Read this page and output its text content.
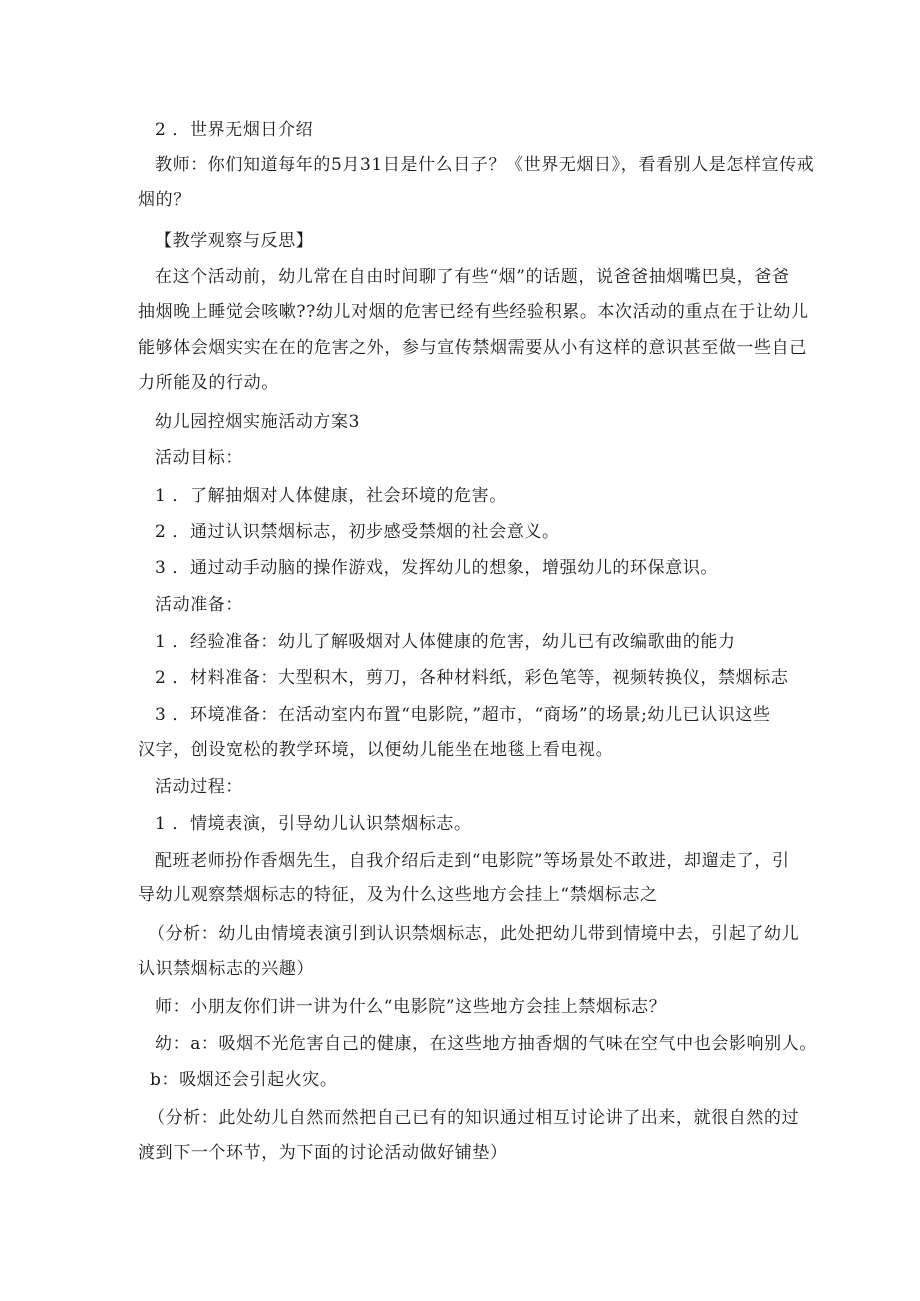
2 ．世界无烟日介绍
教师：你们知道每年的5月31日是什么日子？《世界无烟日》，看看别人是怎样宣传戒
烟的？
【教学观察与反思】
在这个活动前，幼儿常在自由时间聊了有些“烟”的话题，说爸爸抽烟嘴巴臭，爸爸
抽烟晚上睡觉会咳嗽??幼儿对烟的危害已经有些经验积累。本次活动的重点在于让幼儿
能够体会烟实实在在的危害之外，参与宣传禁烟需要从小有这样的意识甚至做一些自己
力所能及的行动。
幼儿园控烟实施活动方案3
活动目标：
1 ．了解抽烟对人体健康，社会环境的危害。
2 ．通过认识禁烟标志，初步感受禁烟的社会意义。
3 ．通过动手动脑的操作游戏，发挥幼儿的想象，增强幼儿的环保意识。
活动准备：
1 ．经验准备：幼儿了解吸烟对人体健康的危害，幼儿已有改编歌曲的能力
2 ．材料准备：大型积木，剪刀，各种材料纸，彩色笔等，视频转换仪，禁烟标志
3 ．环境准备：在活动室内布置“电影院，”超市，“商场”的场景;幼儿已认识这些
汉字，创设宽松的教学环境，以便幼儿能坐在地毯上看电视。
活动过程：
1 ．情境表演，引导幼儿认识禁烟标志。
配班老师扮作香烟先生，自我介绍后走到“电影院”等场景处不敢进，却遛走了，引
导幼儿观察禁烟标志的特征，及为什么这些地方会挂上“禁烟标志之
（分析：幼儿由情境表演引到认识禁烟标志，此处把幼儿带到情境中去，引起了幼儿
认识禁烟标志的兴趣）
师：小朋友你们讲一讲为什么“电影院”这些地方会挂上禁烟标志？
幼：a：吸烟不光危害自己的健康，在这些地方抽香烟的气味在空气中也会影响别人。
b：吸烟还会引起火灾。
（分析：此处幼儿自然而然把自己已有的知识通过相互讨论讲了出来，就很自然的过
渡到下一个环节，为下面的讨论活动做好铺垫）
